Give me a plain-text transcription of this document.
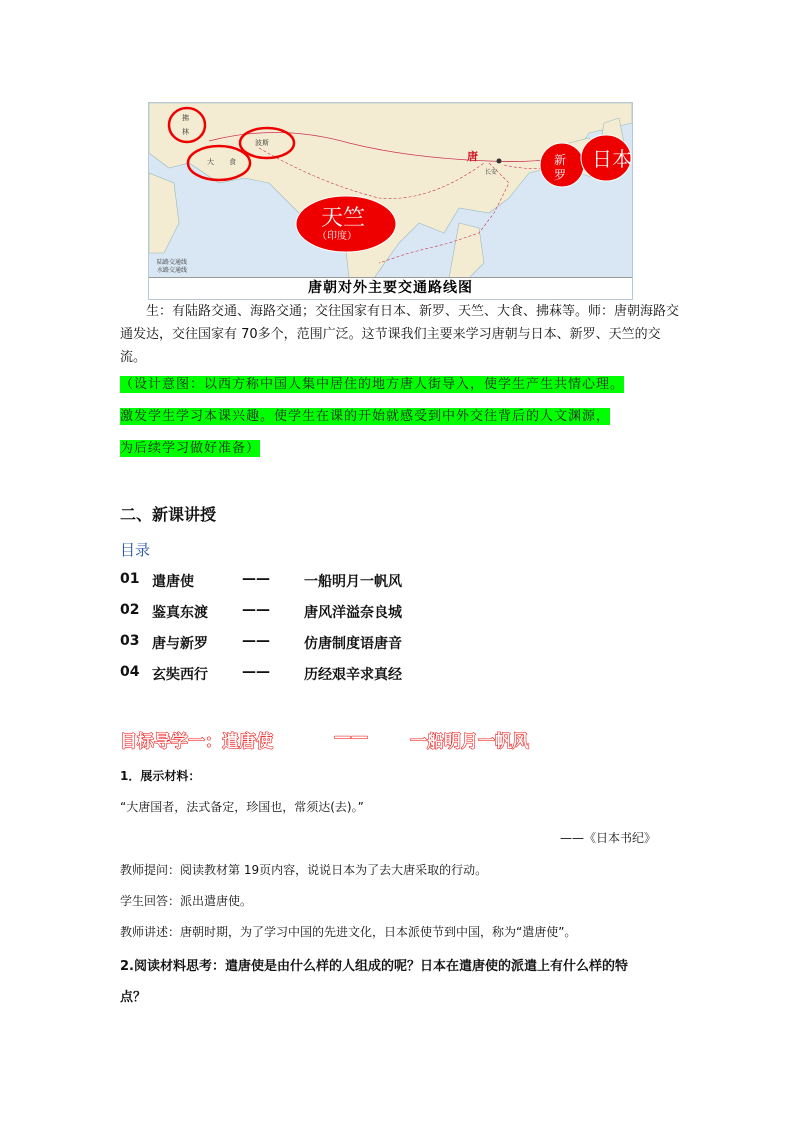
天竺
（印度）
日本
新
罗
唐
长安
拂
林
大 食
波斯
陆路交通线
水路交通线
唐朝对外主要交通路线图
生：有陆路交通、海路交通；交往国家有日本、新罗、天竺、大食、拂菻等。师：唐朝海路交通发达，交往国家有 70多个，范围广泛。这节课我们主要来学习唐朝与日本、新罗、天竺的交流。
（设计意图：以西方称中国人集中居住的地方唐人街导入，使学生产生共情心理。
激发学生学习本课兴趣。使学生在课的开始就感受到中外交往背后的人文渊源，
为后续学习做好准备）
二、新课讲授
目录
01 遣唐使	—— 一船明月一帆风
02 鉴真东渡 —— 唐风洋溢奈良城
03 唐与新罗 —— 仿唐制度语唐音
04 玄奘西行 —— 历经艰辛求真经
目标导学一：遣唐使	—— 一船明月一帆风
1．展示材料：
“大唐国者，法式备定，珍国也，常须达(去)。”
——《日本书纪》
教师提问：阅读教材第 19页内容，说说日本为了去大唐采取的行动。
学生回答：派出遣唐使。
教师讲述：唐朝时期，为了学习中国的先进文化，日本派使节到中国，称为“遣唐使”。
2.阅读材料思考：遣唐使是由什么样的人组成的呢？日本在遣唐使的派遣上有什么样的特
点？
